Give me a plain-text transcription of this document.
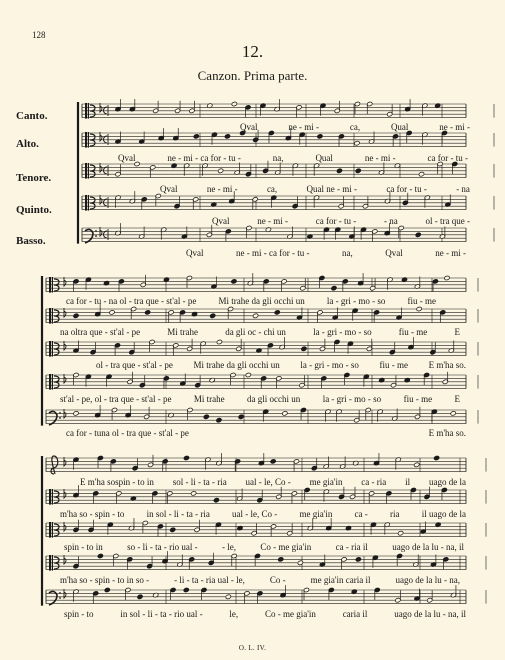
128
12.
Canzon. Prima parte.
Canto.
Alto.
Tenore.
Quinto.
Basso.
O. L. IV.
Qval	ne - mi -	ca,	Qual	ne - mi -
Qval	ne - mi - ca for - tu -	na,	Qual	ne - mi -	ca for - tu -
Qval	ne - mi -	ca,	Qual ne - mi -	ca for - tu -	- na
Qval	ne - mi -	ca for - tu -	- na	ol - tra que -
Qval	ne - mi - ca for - tu -	na,	Qval	ne - mi -
ca for - tu - na ol - tra que - st'al - pe Mi trahe da gli occhi un la - gri - mo - so fiu - me
na oltra que - st'al - pe	Mi trahe	da gli oc - chi un	la - gri - mo - so	fiu - me	E
ol - tra que - st'al - pe Mi trahe da gli occhi un la - gri - mo - so fiu - me E m'ha so.
st'al - pe, ol - tra que - st'al - pe Mi trahe da gli occhi un la - gri - mo - so fiu - me E
ca for - tuna ol - tra que - st'al - pe	E m'ha so.
E m'ha sospin - to in sol - li - ta - ria ual - le, Co - me gia'in ca - ria il uago de la
m'ha so - spin - to in sol - li - ta - ria ual - le, Co - me gia'in ca - ria il uago de la
spin - to in	so - li - ta - rio ual -	- le,	Co - me gia'in	ca - ria il	uago de la lu - na, il
m'ha so - spin - to in so -	- li - ta - ria ual - le,	Co -	me gia'in caria il	uago de la lu - na,
spin - to	in sol - li - ta - rio ual -	le,	Co - me gia'in	caria il	uago de la lu - na, il
